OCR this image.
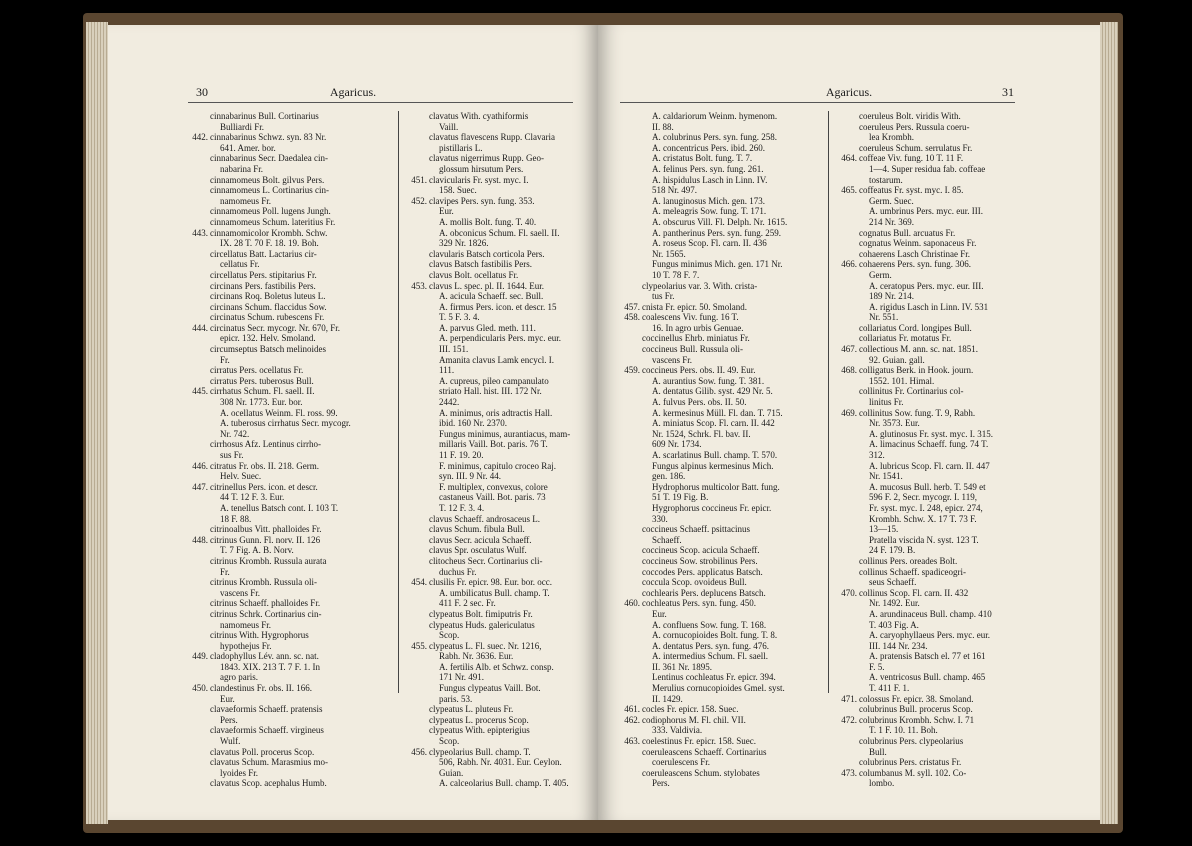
30	Agaricus.
cinnabarinus Bull. Cortinarius
Bulliardi Fr.
442. cinnabarinus Schwz. syn. 83 Nr.
641. Amer. bor.
cinnabarinus Secr. Daedalea cin-
nabarina Fr.
cinnamomeus Bolt. gilvus Pers.
cinnamomeus L. Cortinarius cin-
namomeus Fr.
cinnamomeus Poll. lugens Jungh.
cinnamomeus Schum. lateritius Fr.
443. cinnamomicolor Krombh. Schw.
IX. 28 T. 70 F. 18. 19. Boh.
circellatus Batt. Lactarius cir-
cellatus Fr.
circellatus Pers. stipitarius Fr.
circinans Pers. fastibilis Pers.
circinans Roq. Boletus luteus L.
circinans Schum. flaccidus Sow.
circinatus Schum. rubescens Fr.
444. circinatus Secr. mycogr. Nr. 670, Fr.
epicr. 132. Helv. Smoland.
circumseptus Batsch melinoides
Fr.
cirratus Pers. ocellatus Fr.
cirratus Pers. tuberosus Bull.
445. cirrhatus Schum. Fl. saell. II.
308 Nr. 1773. Eur. bor.
A. ocellatus Weinm. Fl. ross. 99.
A. tuberosus cirrhatus Secr. mycogr.
Nr. 742.
cirrhosus Afz. Lentinus cirrho-
sus Fr.
446. citratus Fr. obs. II. 218. Germ.
Helv. Suec.
447. citrinellus Pers. icon. et descr.
44 T. 12 F. 3. Eur.
A. tenellus Batsch cont. I. 103 T.
18 F. 88.
citrinoalbus Vitt. phalloides Fr.
448. citrinus Gunn. Fl. norv. II. 126
T. 7 Fig. A. B. Norv.
citrinus Krombh. Russula aurata
Fr.
citrinus Krombh. Russula oli-
vascens Fr.
citrinus Schaeff. phalloides Fr.
citrinus Schrk. Cortinarius cin-
namomeus Fr.
citrinus With. Hygrophorus
hypothejus Fr.
449. cladophyllus Lév. ann. sc. nat.
1843. XIX. 213 T. 7 F. 1. In
agro paris.
450. clandestinus Fr. obs. II. 166.
Eur.
clavaeformis Schaeff. pratensis
Pers.
clavaeformis Schaeff. virgineus
Wulf.
clavatus Poll. procerus Scop.
clavatus Schum. Marasmius mo-
lyoides Fr.
clavatus Scop. acephalus Humb.
clavatus With. cyathiformis
Vaill.
clavatus flavescens Rupp. Clavaria
pistillaris L.
clavatus nigerrimus Rupp. Geo-
glossum hirsutum Pers.
451. clavicularis Fr. syst. myc. I.
158. Suec.
452. clavipes Pers. syn. fung. 353.
Eur.
A. mollis Bolt. fung. T. 40.
A. obconicus Schum. Fl. saell. II.
329 Nr. 1826.
clavularis Batsch corticola Pers.
clavus Batsch fastibilis Pers.
clavus Bolt. ocellatus Fr.
453. clavus L. spec. pl. II. 1644. Eur.
A. acicula Schaeff. sec. Bull.
A. firmus Pers. icon. et descr. 15
T. 5 F. 3. 4.
A. parvus Gled. meth. 111.
A. perpendicularis Pers. myc. eur.
III. 151.
Amanita clavus Lamk encycl. I.
111.
A. cupreus, pileo campanulato
striato Hall. hist. III. 172 Nr.
2442.
A. minimus, oris adtractis Hall.
ibid. 160 Nr. 2370.
Fungus minimus, aurantiacus, mam-
millaris Vaill. Bot. paris. 76 T.
11 F. 19. 20.
F. minimus, capitulo croceo Raj.
syn. III. 9 Nr. 44.
F. multiplex, convexus, colore
castaneus Vaill. Bot. paris. 73
T. 12 F. 3. 4.
clavus Schaeff. androsaceus L.
clavus Schum. fibula Bull.
clavus Secr. acicula Schaeff.
clavus Spr. osculatus Wulf.
clitocheus Secr. Cortinarius cli-
duchus Fr.
454. clusilis Fr. epicr. 98. Eur. bor. occ.
A. umbilicatus Bull. champ. T.
411 F. 2 sec. Fr.
clypeatus Bolt. fimiputris Fr.
clypeatus Huds. galericulatus
Scop.
455. clypeatus L. Fl. suec. Nr. 1216,
Rabh. Nr. 3636. Eur.
A. fertilis Alb. et Schwz. consp.
171 Nr. 491.
Fungus clypeatus Vaill. Bot.
paris. 53.
clypeatus L. pluteus Fr.
clypeatus L. procerus Scop.
clypeatus With. epipterigius
Scop.
456. clypeolarius Bull. champ. T.
506, Rabh. Nr. 4031. Eur. Ceylon.
Guian.
A. calceolarius Bull. champ. T. 405.
Agaricus.	31
A. caldariorum Weinm. hymenom.
II. 88.
A. colubrinus Pers. syn. fung. 258.
A. concentricus Pers. ibid. 260.
A. cristatus Bolt. fung. T. 7.
A. felinus Pers. syn. fung. 261.
A. hispidulus Lasch in Linn. IV.
518 Nr. 497.
A. lanuginosus Mich. gen. 173.
A. meleagris Sow. fung. T. 171.
A. obscurus Vill. Fl. Delph. Nr. 1615.
A. pantherinus Pers. syn. fung. 259.
A. roseus Scop. Fl. carn. II. 436
Nr. 1565.
Fungus minimus Mich. gen. 171 Nr.
10 T. 78 F. 7.
clypeolarius var. 3. With. crista-
tus Fr.
457. cnista Fr. epicr. 50. Smoland.
458. coalescens Viv. fung. 16 T.
16. In agro urbis Genuae.
coccinellus Ehrb. miniatus Fr.
coccineus Bull. Russula oli-
vascens Fr.
459. coccineus Pers. obs. II. 49. Eur.
A. aurantius Sow. fung. T. 381.
A. dentatus Gilib. syst. 429 Nr. 5.
A. fulvus Pers. obs. II. 50.
A. kermesinus Müll. Fl. dan. T. 715.
A. miniatus Scop. Fl. carn. II. 442
Nr. 1524, Schrk. Fl. bav. II.
609 Nr. 1734.
A. scarlatinus Bull. champ. T. 570.
Fungus alpinus kermesinus Mich.
gen. 186.
Hydrophorus multicolor Batt. fung.
51 T. 19 Fig. B.
Hygrophorus coccineus Fr. epicr.
330.
coccineus Schaeff. psittacinus
Schaeff.
coccineus Scop. acicula Schaeff.
coccineus Sow. strobilinus Pers.
coccodes Pers. applicatus Batsch.
coccula Scop. ovoideus Bull.
cochlearis Pers. deplucens Batsch.
460. cochleatus Pers. syn. fung. 450.
Eur.
A. confluens Sow. fung. T. 168.
A. cornucopioides Bolt. fung. T. 8.
A. dentatus Pers. syn. fung. 476.
A. intermedius Schum. Fl. saell.
II. 361 Nr. 1895.
Lentinus cochleatus Fr. epicr. 394.
Merulius cornucopioides Gmel. syst.
II. 1429.
461. cocles Fr. epicr. 158. Suec.
462. codiophorus M. Fl. chil. VII.
333. Valdivia.
463. coelestinus Fr. epicr. 158. Suec.
coeruleascens Schaeff. Cortinarius
coerulescens Fr.
coeruleascens Schum. stylobates
Pers.
coeruleus Bolt. viridis With.
coeruleus Pers. Russula coeru-
lea Krombh.
coeruleus Schum. serrulatus Fr.
464. coffeae Viv. fung. 10 T. 11 F.
1—4. Super residua fab. coffeae
tostarum.
465. coffeatus Fr. syst. myc. I. 85.
Germ. Suec.
A. umbrinus Pers. myc. eur. III.
214 Nr. 369.
cognatus Bull. arcuatus Fr.
cognatus Weinm. saponaceus Fr.
cohaerens Lasch Christinae Fr.
466. cohaerens Pers. syn. fung. 306.
Germ.
A. ceratopus Pers. myc. eur. III.
189 Nr. 214.
A. rigidus Lasch in Linn. IV. 531
Nr. 551.
collariatus Cord. longipes Bull.
collariatus Fr. motatus Fr.
467. collectious M. ann. sc. nat. 1851.
92. Guian. gall.
468. colligatus Berk. in Hook. journ.
1552. 101. Himal.
collinitus Fr. Cortinarius col-
linitus Fr.
469. collinitus Sow. fung. T. 9, Rabh.
Nr. 3573. Eur.
A. glutinosus Fr. syst. myc. I. 315.
A. limacinus Schaeff. fung. 74 T.
312.
A. lubricus Scop. Fl. carn. II. 447
Nr. 1541.
A. mucosus Bull. herb. T. 549 et
596 F. 2, Secr. mycogr. I. 119,
Fr. syst. myc. I. 248, epicr. 274,
Krombh. Schw. X. 17 T. 73 F.
13—15.
Pratella viscida N. syst. 123 T.
24 F. 179. B.
collinus Pers. oreades Bolt.
collinus Schaeff. spadiceogri-
seus Schaeff.
470. collinus Scop. Fl. carn. II. 432
Nr. 1492. Eur.
A. arundinaceus Bull. champ. 410
T. 403 Fig. A.
A. caryophyllaeus Pers. myc. eur.
III. 144 Nr. 234.
A. pratensis Batsch el. 77 et 161
F. 5.
A. ventricosus Bull. champ. 465
T. 411 F. 1.
471. colossus Fr. epicr. 38. Smoland.
colubrinus Bull. procerus Scop.
472. colubrinus Krombh. Schw. I. 71
T. 1 F. 10. 11. Boh.
colubrinus Pers. clypeolarius
Bull.
colubrinus Pers. cristatus Fr.
473. columbanus M. syll. 102. Co-
lombo.
